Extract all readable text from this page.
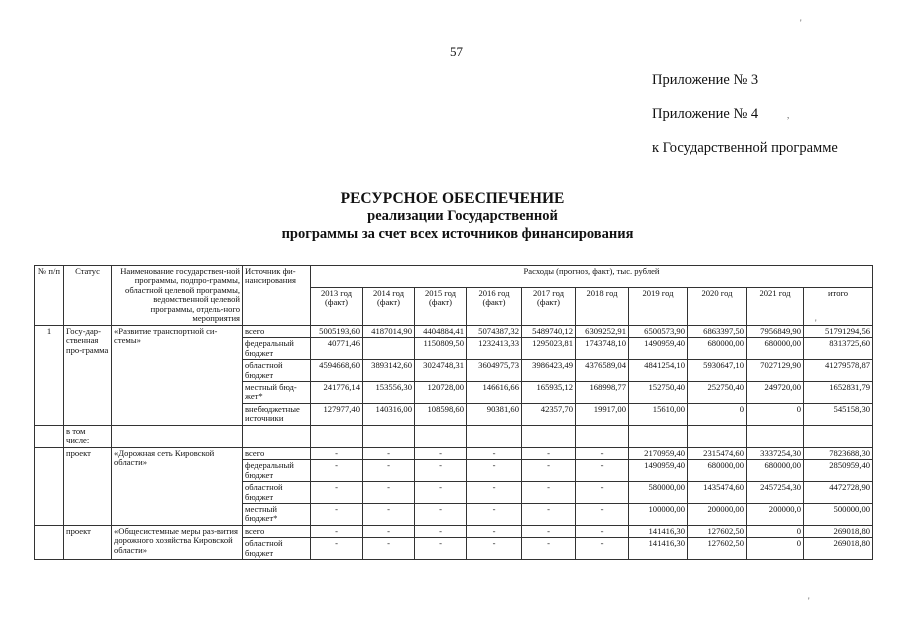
57
Приложение № 3
Приложение № 4
к Государственной программе
РЕСУРСНОЕ ОБЕСПЕЧЕНИЕ
реализации Государственной
программы за счет всех источников финансирования
№ п/п	Статус	Наименование государствен-ной программы, подпро-граммы, областной целевой программы, ведомственной целевой программы, отдель-ного мероприятия	Источник фи-нансирования	Расходы (прогноз, факт), тыс. рублей									
				2013 год (факт)	2014 год (факт)	2015 год (факт)	2016 год (факт)	2017 год (факт)	2018 год	2019 год	2020 год	2021 год	итого
1	Госу-дар-ственная про-грамма	«Развитие транспортной си-стемы»	всего	5005193,60	4187014,90	4404884,41	5074387,32	5489740,12	6309252,91	6500573,90	6863397,50	7956849,90	51791294,56
			федеральный бюджет	40771,46		1150809,50	1232413,33	1295023,81	1743748,10	1490959,40	680000,00	680000,00	8313725,60
			областной бюджет	4594668,60	3893142,60	3024748,31	3604975,73	3986423,49	4376589,04	4841254,10	5930647,10	7027129,90	41279578,87
			местный бюд-жет*	241776,14	153556,30	120728,00	146616,66	165935,12	168998,77	152750,40	252750,40	249720,00	1652831,79
			внебюджетные источники	127977,40	140316,00	108598,60	90381,60	42357,70	19917,00	15610,00	0	0	545158,30
	в том числе:												
	проект	«Дорожная сеть Кировской области»	всего	-	-	-	-	-	-	2170959,40	2315474,60	3337254,30	7823688,30
			федеральный бюджет	-	-	-	-	-	-	1490959,40	680000,00	680000,00	2850959,40
			областной бюджет	-	-	-	-	-	-	580000,00	1435474,60	2457254,30	4472728,90
			местный бюджет*	-	-	-	-	-	-	100000,00	200000,00	200000,0	500000,00
	проект	«Общесистемные меры раз-вития дорожного хозяйства Кировской области»	всего	-	-	-	-	-	-	141416,30	127602,50	0	269018,80
			областной бюджет	-	-	-	-	-	-	141416,30	127602,50	0	269018,80
'
,
'
'
